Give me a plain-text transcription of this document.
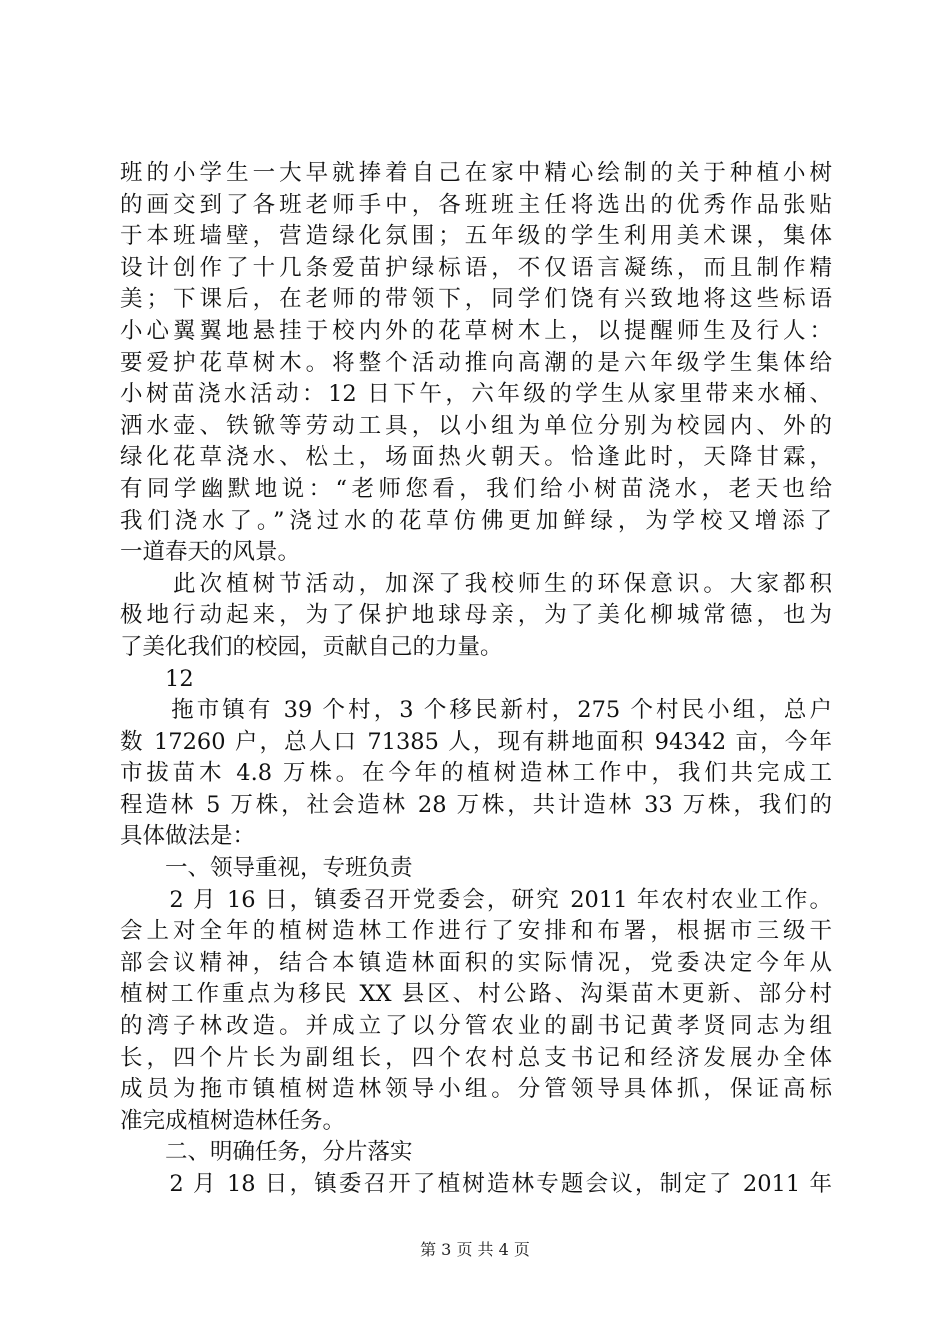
班的小学生一大早就捧着自己在家中精心绘制的关于种植小树
的画交到了各班老师手中，各班班主任将选出的优秀作品张贴
于本班墙壁，营造绿化氛围；五年级的学生利用美术课，集体
设计创作了十几条爱苗护绿标语，不仅语言凝练，而且制作精
美；下课后，在老师的带领下，同学们饶有兴致地将这些标语
小心翼翼地悬挂于校内外的花草树木上，以提醒师生及行人：
要爱护花草树木。将整个活动推向高潮的是六年级学生集体给
小树苗浇水活动：12 日下午，六年级的学生从家里带来水桶、
洒水壶、铁锨等劳动工具，以小组为单位分别为校园内、外的
绿化花草浇水、松土，场面热火朝天。恰逢此时，天降甘霖，
有同学幽默地说：“老师您看，我们给小树苗浇水，老天也给
我们浇水了。”浇过水的花草仿佛更加鲜绿，为学校又增添了
一道春天的风景。
　　此次植树节活动，加深了我校师生的环保意识。大家都积
极地行动起来，为了保护地球母亲，为了美化柳城常德，也为
了美化我们的校园，贡献自己的力量。
　　12
　　拖市镇有 39 个村，3 个移民新村，275 个村民小组，总户
数 17260 户，总人口 71385 人，现有耕地面积 94342 亩，今年
市拔苗木 4.8 万株。在今年的植树造林工作中，我们共完成工
程造林 5 万株，社会造林 28 万株，共计造林 33 万株，我们的
具体做法是：
　　一、领导重视，专班负责
　　2 月 16 日，镇委召开党委会，研究 2011 年农村农业工作。
会上对全年的植树造林工作进行了安排和布署，根据市三级干
部会议精神，结合本镇造林面积的实际情况，党委决定今年从
植树工作重点为移民 XX 县区、村公路、沟渠苗木更新、部分村
的湾子林改造。并成立了以分管农业的副书记黄孝贤同志为组
长，四个片长为副组长，四个农村总支书记和经济发展办全体
成员为拖市镇植树造林领导小组。分管领导具体抓，保证高标
准完成植树造林任务。
　　二、明确任务，分片落实
　　2 月 18 日，镇委召开了植树造林专题会议，制定了 2011 年
第 3 页 共 4 页
